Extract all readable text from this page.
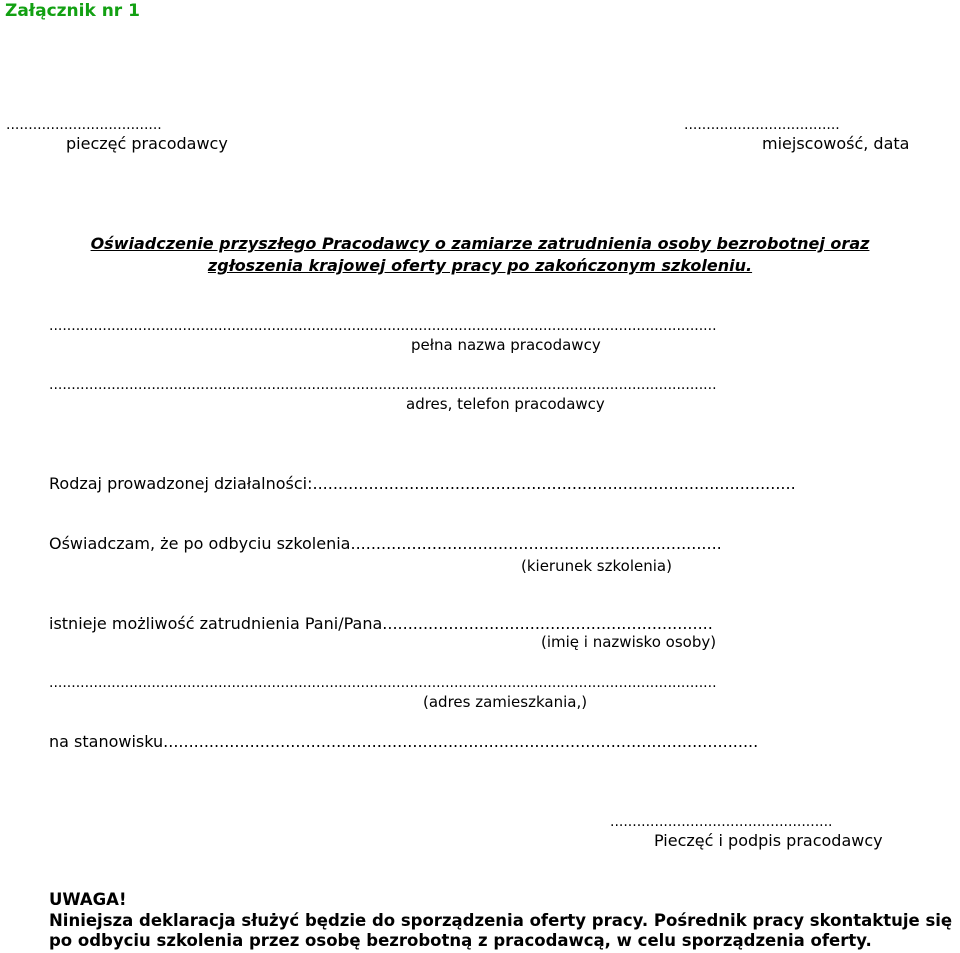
Załącznik nr 1
...................................
pieczęć pracodawcy
...................................
miejscowość, data
Oświadczenie przyszłego Pracodawcy o zamiarze zatrudnienia osoby bezrobotnej oraz
zgłoszenia krajowej oferty pracy po zakończonym szkoleniu.
......................................................................................................................................................
pełna nazwa pracodawcy
......................................................................................................................................................
adres, telefon pracodawcy
Rodzaj prowadzonej działalności:...............................................................................................
Oświadczam, że po odbyciu szkolenia.........................................................................
(kierunek szkolenia)
istnieje możliwość zatrudnienia Pani/Pana.................................................................
(imię i nazwisko osoby)
......................................................................................................................................................
(adres zamieszkania,)
na stanowisku.....................................................................................................................
..................................................
Pieczęć i podpis pracodawcy
UWAGA!
Niniejsza deklaracja służyć będzie do sporządzenia oferty pracy. Pośrednik pracy skontaktuje się
po odbyciu szkolenia przez osobę bezrobotną z pracodawcą, w celu sporządzenia oferty.
